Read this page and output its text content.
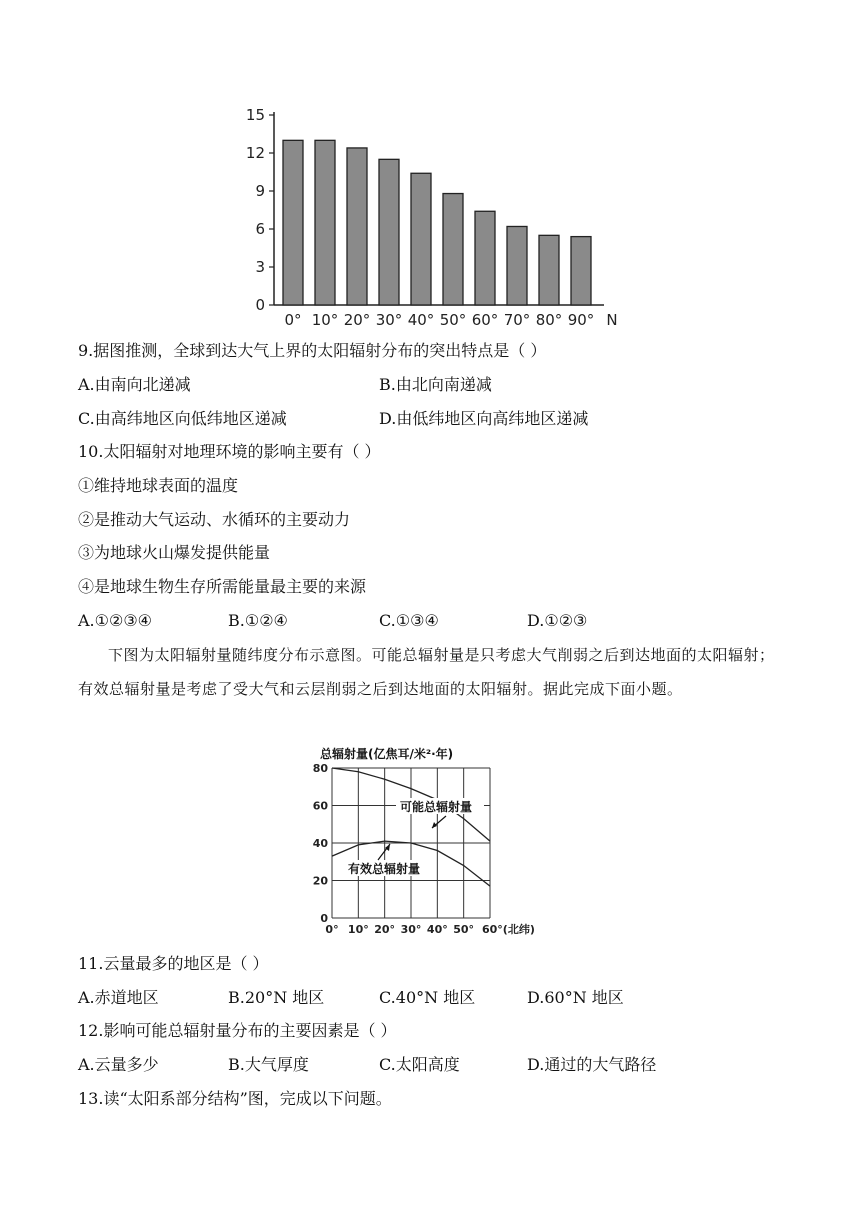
0
3
6
9
12
15
0° 10° 20° 30° 40° 50° 60° 70° 80° 90° N
9.据图推测，全球到达大气上界的太阳辐射分布的突出特点是（ ）
A.由南向北递减	B.由北向南递减
C.由高纬地区向低纬地区递减	D.由低纬地区向高纬地区递减
10.太阳辐射对地理环境的影响主要有（ ）
①维持地球表面的温度
②是推动大气运动、水循环的主要动力
③为地球火山爆发提供能量
④是地球生物生存所需能量最主要的来源
A.①②③④	B.①②④	C.①③④	D.①②③
下图为太阳辐射量随纬度分布示意图。可能总辐射量是只考虑大气削弱之后到达地面的太阳辐射；有效总辐射量是考虑了受大气和云层削弱之后到达地面的太阳辐射。据此完成下面小题。
总辐射量(亿焦耳/米²·年)
0
20
40
60
80
0° 10° 20° 30° 40° 50° 60°(北纬)
可能总辐射量
有效总辐射量
11.云量最多的地区是（ ）
A.赤道地区	B.20°N 地区	C.40°N 地区	D.60°N 地区
12.影响可能总辐射量分布的主要因素是（ ）
A.云量多少	B.大气厚度	C.太阳高度	D.通过的大气路径
13.读“太阳系部分结构”图，完成以下问题。
